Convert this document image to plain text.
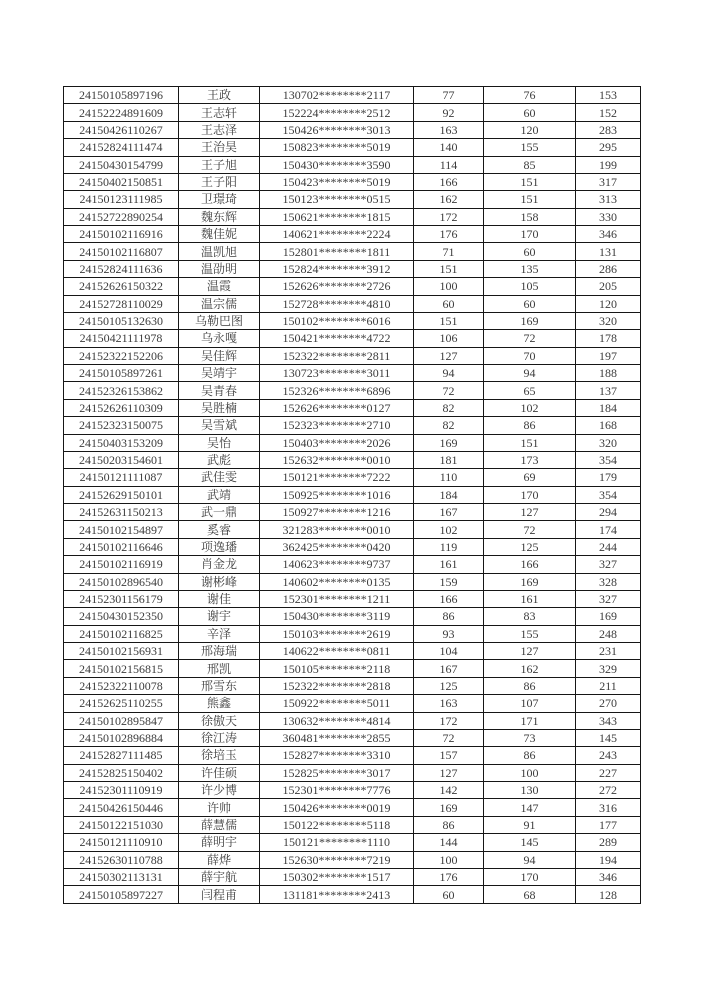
24150105897196	王政	130702********2117	77	76	153
24152224891609	王志轩	152224********2512	92	60	152
24150426110267	王志泽	150426********3013	163	120	283
24152824111474	王治昊	150823********5019	140	155	295
24150430154799	王子旭	150430********3590	114	85	199
24150402150851	王子阳	150423********5019	166	151	317
24150123111985	卫璟琦	150123********0515	162	151	313
24152722890254	魏东辉	150621********1815	172	158	330
24150102116916	魏佳妮	140621********2224	176	170	346
24150102116807	温凯旭	152801********1811	71	60	131
24152824111636	温劭明	152824********3912	151	135	286
24152626150322	温霞	152626********2726	100	105	205
24152728110029	温宗儒	152728********4810	60	60	120
24150105132630	乌勒巴图	150102********6016	151	169	320
24150421111978	乌永嘎	150421********4722	106	72	178
24152322152206	吴佳辉	152322********2811	127	70	197
24150105897261	吴靖宇	130723********3011	94	94	188
24152326153862	吴青春	152326********6896	72	65	137
24152626110309	吴胜楠	152626********0127	82	102	184
24152323150075	吴雪斌	152323********2710	82	86	168
24150403153209	吴怡	150403********2026	169	151	320
24150203154601	武彪	152632********0010	181	173	354
24150121111087	武佳雯	150121********7222	110	69	179
24152629150101	武靖	150925********1016	184	170	354
24152631150213	武一鼎	150927********1216	167	127	294
24150102154897	奚睿	321283********0010	102	72	174
24150102116646	项逸璠	362425********0420	119	125	244
24150102116919	肖金龙	140623********9737	161	166	327
24150102896540	谢彬峰	140602********0135	159	169	328
24152301156179	谢佳	152301********1211	166	161	327
24150430152350	谢宇	150430********3119	86	83	169
24150102116825	辛泽	150103********2619	93	155	248
24150102156931	邢海瑞	140622********0811	104	127	231
24150102156815	邢凯	150105********2118	167	162	329
24152322110078	邢雪东	152322********2818	125	86	211
24152625110255	熊鑫	150922********5011	163	107	270
24150102895847	徐傲天	130632********4814	172	171	343
24150102896884	徐江涛	360481********2855	72	73	145
24152827111485	徐培玉	152827********3310	157	86	243
24152825150402	许佳硕	152825********3017	127	100	227
24152301110919	许少博	152301********7776	142	130	272
24150426150446	许帅	150426********0019	169	147	316
24150122151030	薛慧儒	150122********5118	86	91	177
24150121110910	薛明宇	150121********1110	144	145	289
24152630110788	薛烨	152630********7219	100	94	194
24150302113131	薛宇航	150302********1517	176	170	346
24150105897227	闫程甫	131181********2413	60	68	128
